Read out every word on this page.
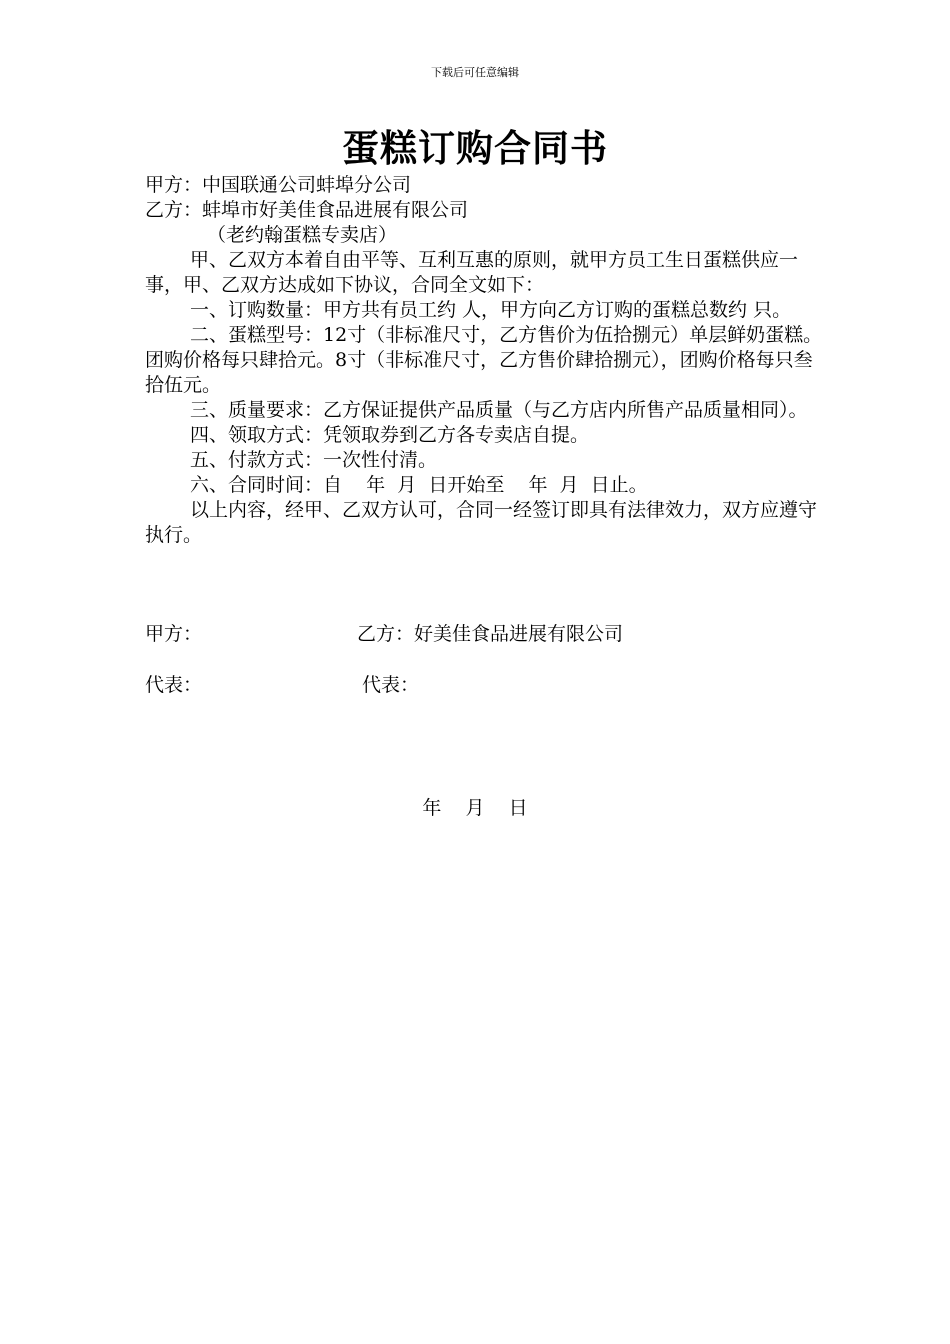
下载后可任意编辑
蛋糕订购合同书

甲方：中国联通公司蚌埠分公司

乙方：蚌埠市好美佳食品进展有限公司

（老约翰蛋糕专卖店）

甲、乙双方本着自由平等、互利互惠的原则，就甲方员工生日蛋糕供应一事，甲、乙双方达成如下协议，合同全文如下：

一、订购数量：甲方共有员工约 人，甲方向乙方订购的蛋糕总数约 只。

二、蛋糕型号：12寸（非标准尺寸，乙方售价为伍拾捌元）单层鲜奶蛋糕。团购价格每只肆拾元。8寸（非标准尺寸，乙方售价肆拾捌元），团购价格每只叁拾伍元。

三、质量要求：乙方保证提供产品质量（与乙方店内所售产品质量相同）。

四、领取方式：凭领取券到乙方各专卖店自提。

五、付款方式：一次性付清。

六、合同时间：自    年  月  日开始至    年  月  日止。

以上内容，经甲、乙双方认可，合同一经签订即具有法律效力，双方应遵守执行。

甲方：	乙方：好美佳食品进展有限公司
代表：	代表：
年    月    日
